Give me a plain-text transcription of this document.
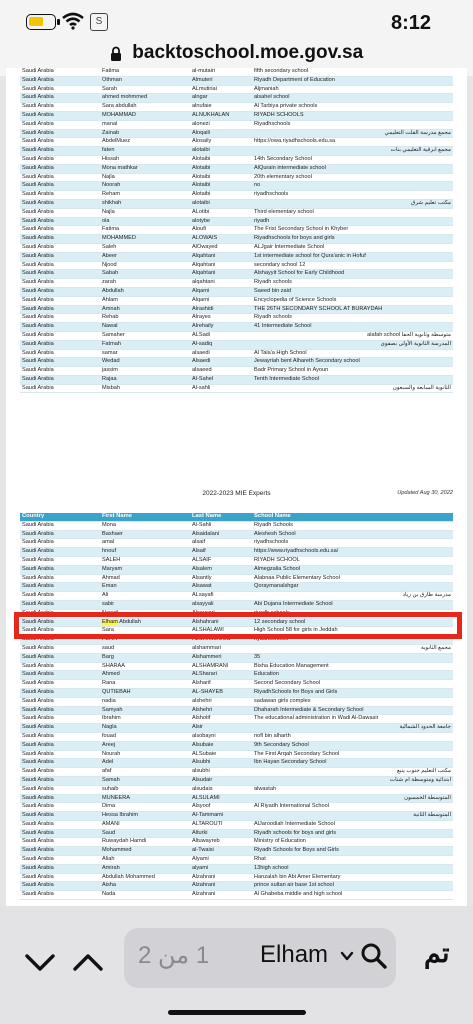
S	8:12
backtoschool.moe.gov.sa
Saudi Arabia	Fatima	al-mutairi	fifth secondary school
Saudi Arabia	Othman	Almuteri	Riyadh Department of Education
Saudi Arabia	Sarah	ALmutiriai	Aljmaniah
Saudi Arabia	ahmed mohmmed	alngar	alsahel school
Saudi Arabia	Sara abdullah	alnufaie	Al Tarbiya private schools
Saudi Arabia	MOHAMMAD	ALNUKHALAN	RIYADH SCHOOLS
Saudi Arabia	manal	alonezi	Riyadhschools
Saudi Arabia	Zainab	Aloqaili	مجمع مدرسة القلت التعليمي
Saudi Arabia	AbdelMuez	Alosaily	https://owa.riyadhschools.edu.sa
Saudi Arabia	faten	alotaibi	مجمع ابرقية التعليمي بنات
Saudi Arabia	Hissah	Alotaibi	14th Secondary School
Saudi Arabia	Mona mathkar	Alotaibi	AlQurain intermediate school
Saudi Arabia	Najla	Alotaibi	20th elementary school
Saudi Arabia	Noorah	Alotaibi	no
Saudi Arabia	Reham	Alotaibi	riyadhschools
Saudi Arabia	shikhah	alotaibi	مكتب تعليم شرق
Saudi Arabia	Najla	ALotibi	Third elementary school
Saudi Arabia	ola	alotybe	riyadh
Saudi Arabia	Fatima	Aloufi	The Frist Secondary School in Khyber
Saudi Arabia	MOHAMMED	ALOWAIS	Riyadhschools for boys and girls
Saudi Arabia	Saleh	AlOwayed	ALJgair Intermediate School
Saudi Arabia	Abeer	Alqahtani	1st intermediate school for Qura'anic in Hofuf
Saudi Arabia	Njood	Alqahtani	secondary school 12
Saudi Arabia	Sabah	Alqahtani	Alshayyit School for Early Childhood
Saudi Arabia	zarah	alqahtani	Riyadh schools
Saudi Arabia	Abdullah	Alqarni	Saeed bin zaid
Saudi Arabia	Ahlam	Alqarni	Encyclopedia of Science Schools
Saudi Arabia	Amnah	Alrashidi	THE 26TH SECONDARY SCHOOL AT BURAYDAH
Saudi Arabia	Rehab	Alrayes	Riyadh schools
Saudi Arabia	Nawal	Alrehaily	41 Intermediate School
Saudi Arabia	Samaher	ALSadi	متوسطة وثانوية الحفا alafah school
Saudi Arabia	Fatmah	Al-sadiq	المدرسة الثانوية الأولى بصفوى
Saudi Arabia	samar	alsaedi	Al Tala'a High School
Saudi Arabia	Wedad	Alsaedi	Jewayriah bent Alhareth Secondary school
Saudi Arabia	jassim	alsaeed	Badr Primary School in Ayoun
Saudi Arabia	Rajaa	Al-Sahel	Tenth Intermediate School
Saudi Arabia	Misbah	Al-sahli	الثانوية السابعة والسبعون
2022-2023 MIE Experts	Updated Aug 30, 2022
Country	First Name	Last Name	School Name
Saudi Arabia	Mona	Al-Sahli	Riyadh Schools
Saudi Arabia	Bashaer	Alsaidalani	Aleshesh School
Saudi Arabia	amal	alsaif	riyadhschools
Saudi Arabia	hnouf	Alsaif	https://www.riyadhschools.edu.sa/
Saudi Arabia	SALEH	ALSAIF	RIYADH SCHOOL
Saudi Arabia	Maryam	Alsalem	Almegzalia School
Saudi Arabia	Ahmad	Alsantly	Alabnaa Public Elementary School
Saudi Arabia	Eman	Alsawat	Qoraymanalshgar
Saudi Arabia	Ali	ALsayafi	مدرسة طارق بن زياد
Saudi Arabia	sabir	alsayyali	Abi Dujana Intermediate School
Saudi Arabia	Nawaf	Alsayyari	riyadh schools
Saudi Arabia	Elham Abdullah	Alshahrani	12 secondary school
Saudi Arabia	Sara	ALSHALAWI	High School 58 for girls in Jeddah
Saudi Arabia	FEHR	ALSHAMLOOD	riyadhschools
Saudi Arabia	saud	alshammari	مجمع الثانوية
Saudi Arabia	Barg	Alshammeri	35
Saudi Arabia	SHARAA	ALSHAMRANI	Bisha Education Management
Saudi Arabia	Ahmed	ALSharari	Education
Saudi Arabia	Rana	Alsharif	Second Secondary School
Saudi Arabia	QUTIEBAH	AL-SHAYEB	RiyadhSchools for Boys and Girls
Saudi Arabia	nadia	alshehri	sadawan girls complex
Saudi Arabia	Samyah	Alshehri	Dhaharah Intermediate & Secondary School
Saudi Arabia	Ibrahim	Alshotif	The educational administration in Wadi Al-Dawasir
Saudi Arabia	Nagla	Alsir	جامعة الحدود الشمالية
Saudi Arabia	fouad	alsobayni	nofl bin alharth
Saudi Arabia	Areej	Alsubaie	9th Secondary School
Saudi Arabia	Nourah	ALSubaie	The First Arqah Secondary School
Saudi Arabia	Adel	Alsubhi	Ibn Hayan Secondary School
Saudi Arabia	afaf	alsubhi	مكتب التعليم جنوب ينبع
Saudi Arabia	Samah	Alsudair	ابتدائية ومتوسطة ام شنات
Saudi Arabia	suhaib	alsudais	alwastah
Saudi Arabia	MUNEERA	ALSULAMI	المتوسطة الخمسون
Saudi Arabia	Dima	Alsyoof	Al Riyadh International School
Saudi Arabia	Hessa Ibrahim	Al-Tammami	المتوسطة الثانية
Saudi Arabia	AMANI	ALTAROUTI	AlJaroodiah Intermediate School
Saudi Arabia	Saud	Alturki	Riyadh schools for boys and girls
Saudi Arabia	Ruwaydah Hamdi	Altuwayreb	Ministry of Education
Saudi Arabia	Mohammed	al-Twaisi	Riyadh Schools for Boys and Girls
Saudi Arabia	Aliah	Alyami	Rhat
Saudi Arabia	Amirah	alyami	13high school
Saudi Arabia	Abdullah Mohammed	Alzahrani	Hanzalah bin Abi Amer Elementary
Saudi Arabia	Aisha	Alzahrani	prince sultan air base 1st school
Saudi Arabia	Nada	Alzahrani	Al Ghabeba middle and high school
1 من 2 Elham	تم
